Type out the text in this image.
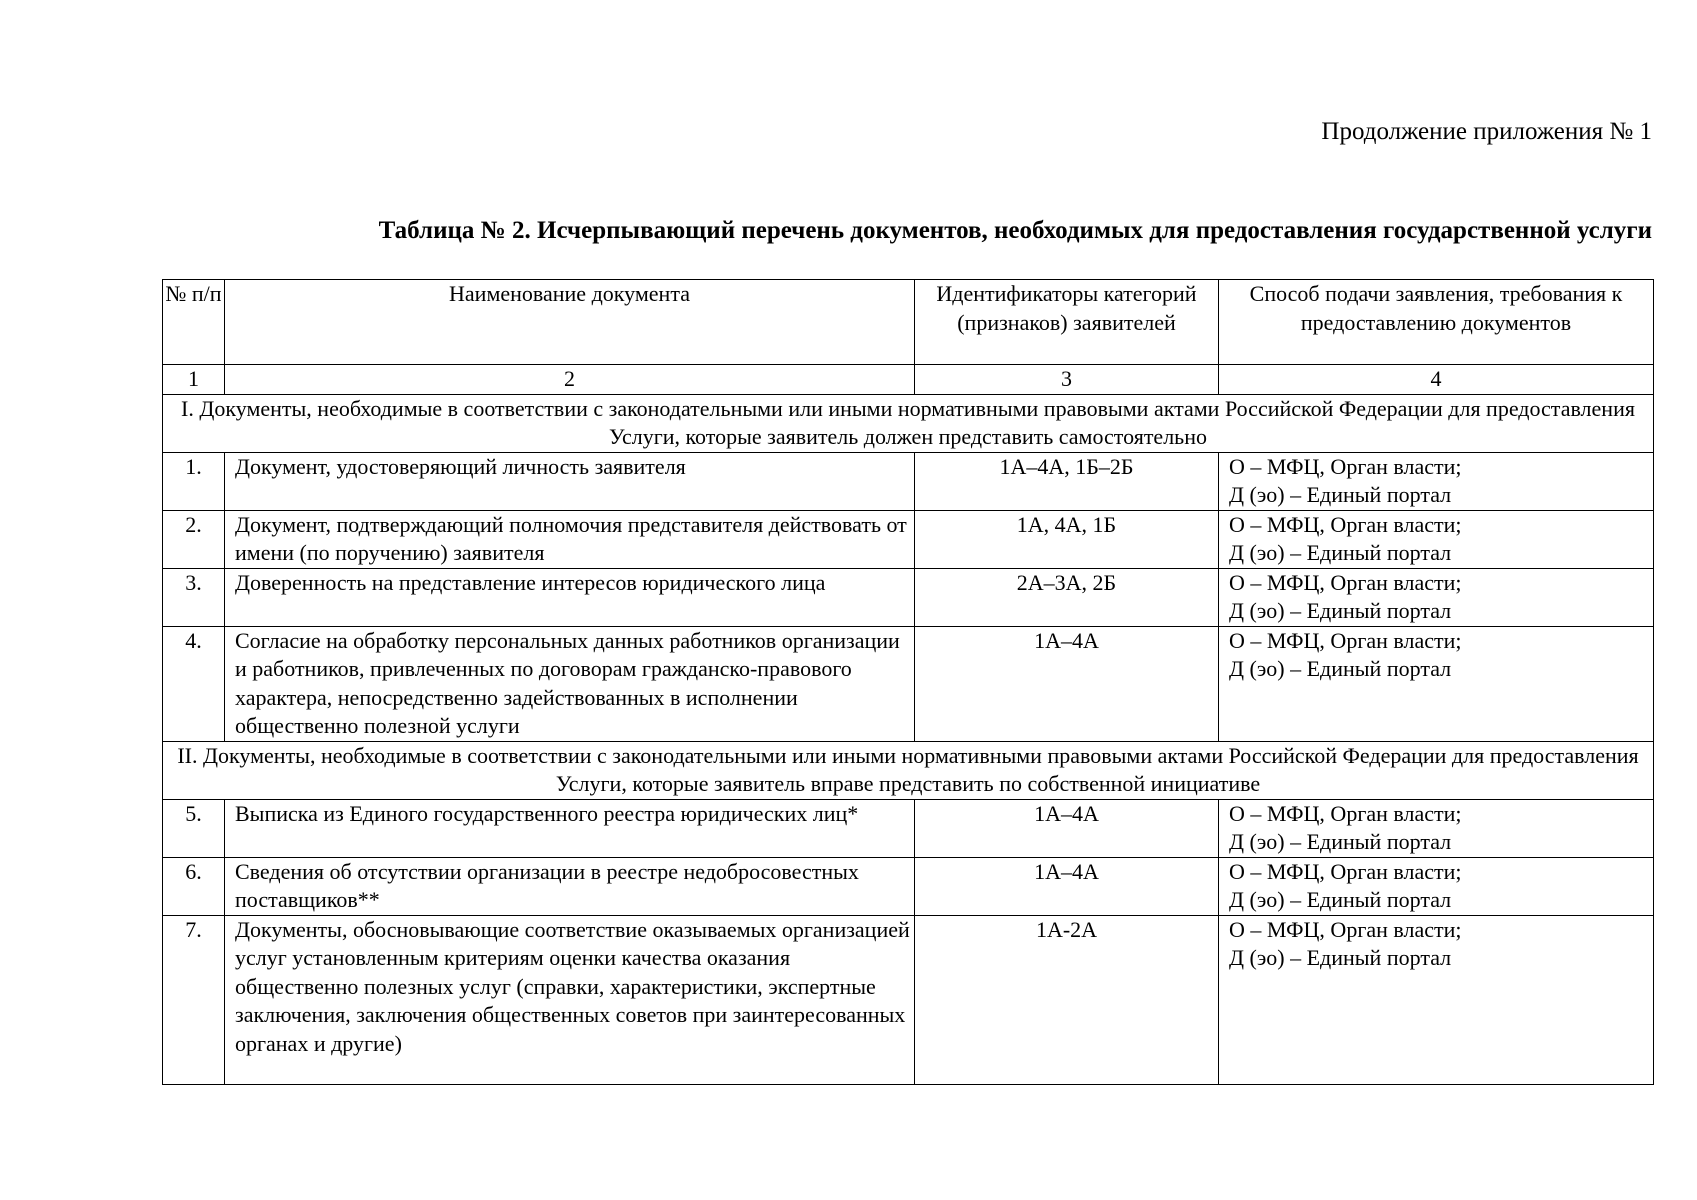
Продолжение приложения № 1
Таблица № 2. Исчерпывающий перечень документов, необходимых для предоставления государственной услуги
№ п/п	Наименование документа	Идентификаторы категорий (признаков) заявителей	Способ подачи заявления, требования к предоставлению документов
1	2	3	4
I. Документы, необходимые в соответствии с законодательными или иными нормативными правовыми актами Российской Федерации для предоставления Услуги, которые заявитель должен представить самостоятельно			
1.	Документ, удостоверяющий личность заявителя	1А–4А, 1Б–2Б	О – МФЦ, Орган власти;
Д (эо) – Единый портал

2.	Документ, подтверждающий полномочия представителя действовать от имени (по поручению) заявителя	1А, 4А, 1Б	О – МФЦ, Орган власти;
Д (эо) – Единый портал

3.	Доверенность на представление интересов юридического лица	2А–3А, 2Б	О – МФЦ, Орган власти;
Д (эо) – Единый портал

4.	Согласие на обработку персональных данных работников организации и работников, привлеченных по договорам гражданско-правового характера, непосредственно задействованных в исполнении общественно полезной услуги	1А–4А	О – МФЦ, Орган власти;
Д (эо) – Единый портал

II. Документы, необходимые в соответствии с законодательными или иными нормативными правовыми актами Российской Федерации для предоставления Услуги, которые заявитель вправе представить по собственной инициативе			
5.	Выписка из Единого государственного реестра юридических лиц*	1А–4А	О – МФЦ, Орган власти;
Д (эо) – Единый портал

6.	Сведения об отсутствии организации в реестре недобросовестных поставщиков**	1А–4А	О – МФЦ, Орган власти;
Д (эо) – Единый портал

7.	Документы, обосновывающие соответствие оказываемых организацией услуг установленным критериям оценки качества оказания общественно полезных услуг (справки, характеристики, экспертные заключения, заключения общественных советов при заинтересованных органах и другие)	1А-2А	О – МФЦ, Орган власти;
Д (эо) – Единый портал
